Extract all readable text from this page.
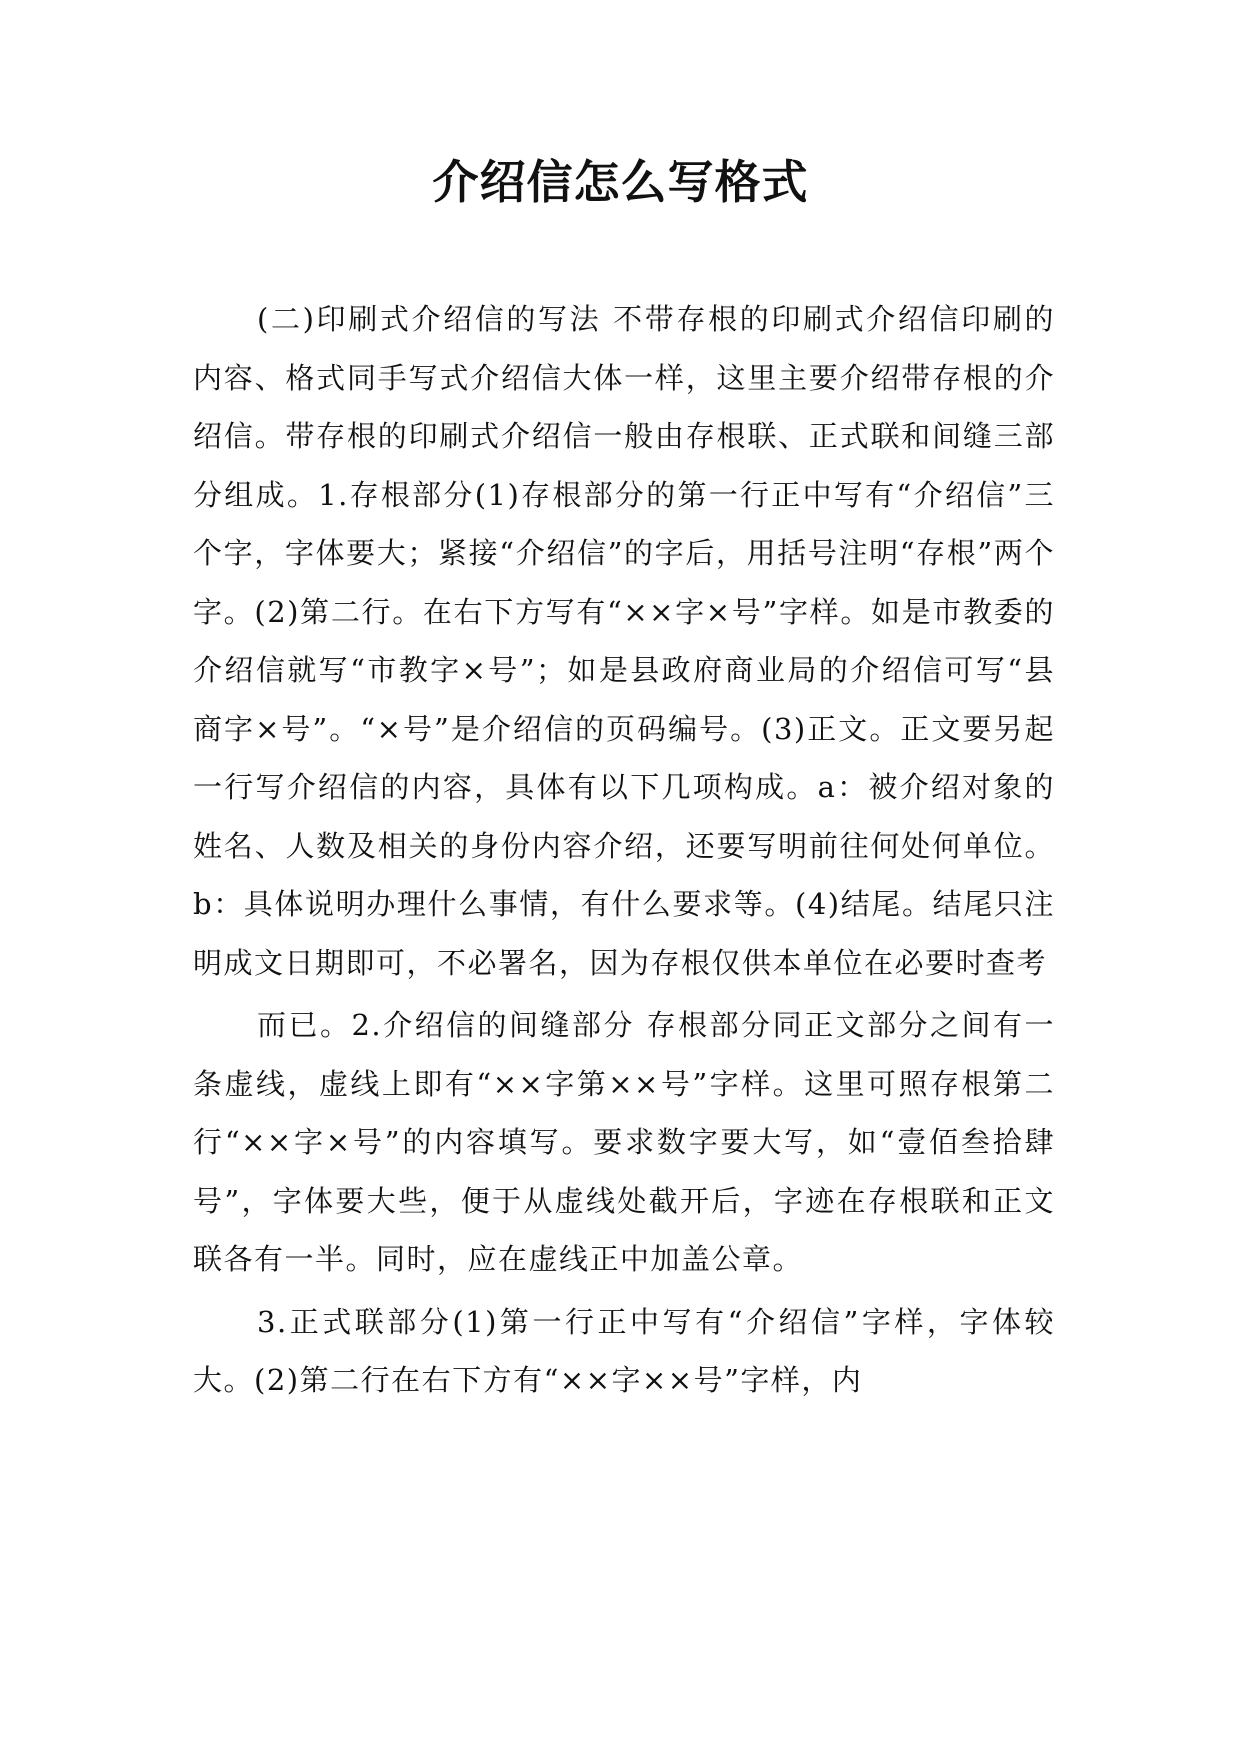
介绍信怎么写格式

(二)印刷式介绍信的写法 不带存根的印刷式介绍信印刷的内容、格式同手写式介绍信大体一样，这里主要介绍带存根的介绍信。带存根的印刷式介绍信一般由存根联、正式联和间缝三部分组成。1.存根部分(1)存根部分的第一行正中写有“介绍信”三个字，字体要大；紧接“介绍信”的字后，用括号注明“存根”两个字。(2)第二行。在右下方写有“××字×号”字样。如是市教委的介绍信就写“市教字×号”；如是县政府商业局的介绍信可写“县商字×号”。“×号”是介绍信的页码编号。(3)正文。正文要另起一行写介绍信的内容，具体有以下几项构成。a：被介绍对象的姓名、人数及相关的身份内容介绍，还要写明前往何处何单位。b：具体说明办理什么事情，有什么要求等。(4)结尾。结尾只注明成文日期即可，不必署名，因为存根仅供本单位在必要时查考

而已。2.介绍信的间缝部分 存根部分同正文部分之间有一条虚线，虚线上即有“××字第××号”字样。这里可照存根第二行“××字×号”的内容填写。要求数字要大写，如“壹佰叁拾肆号”，字体要大些，便于从虚线处截开后，字迹在存根联和正文联各有一半。同时，应在虚线正中加盖公章。

3.正式联部分(1)第一行正中写有“介绍信”字样，字体较大。(2)第二行在右下方有“××字××号”字样，内
